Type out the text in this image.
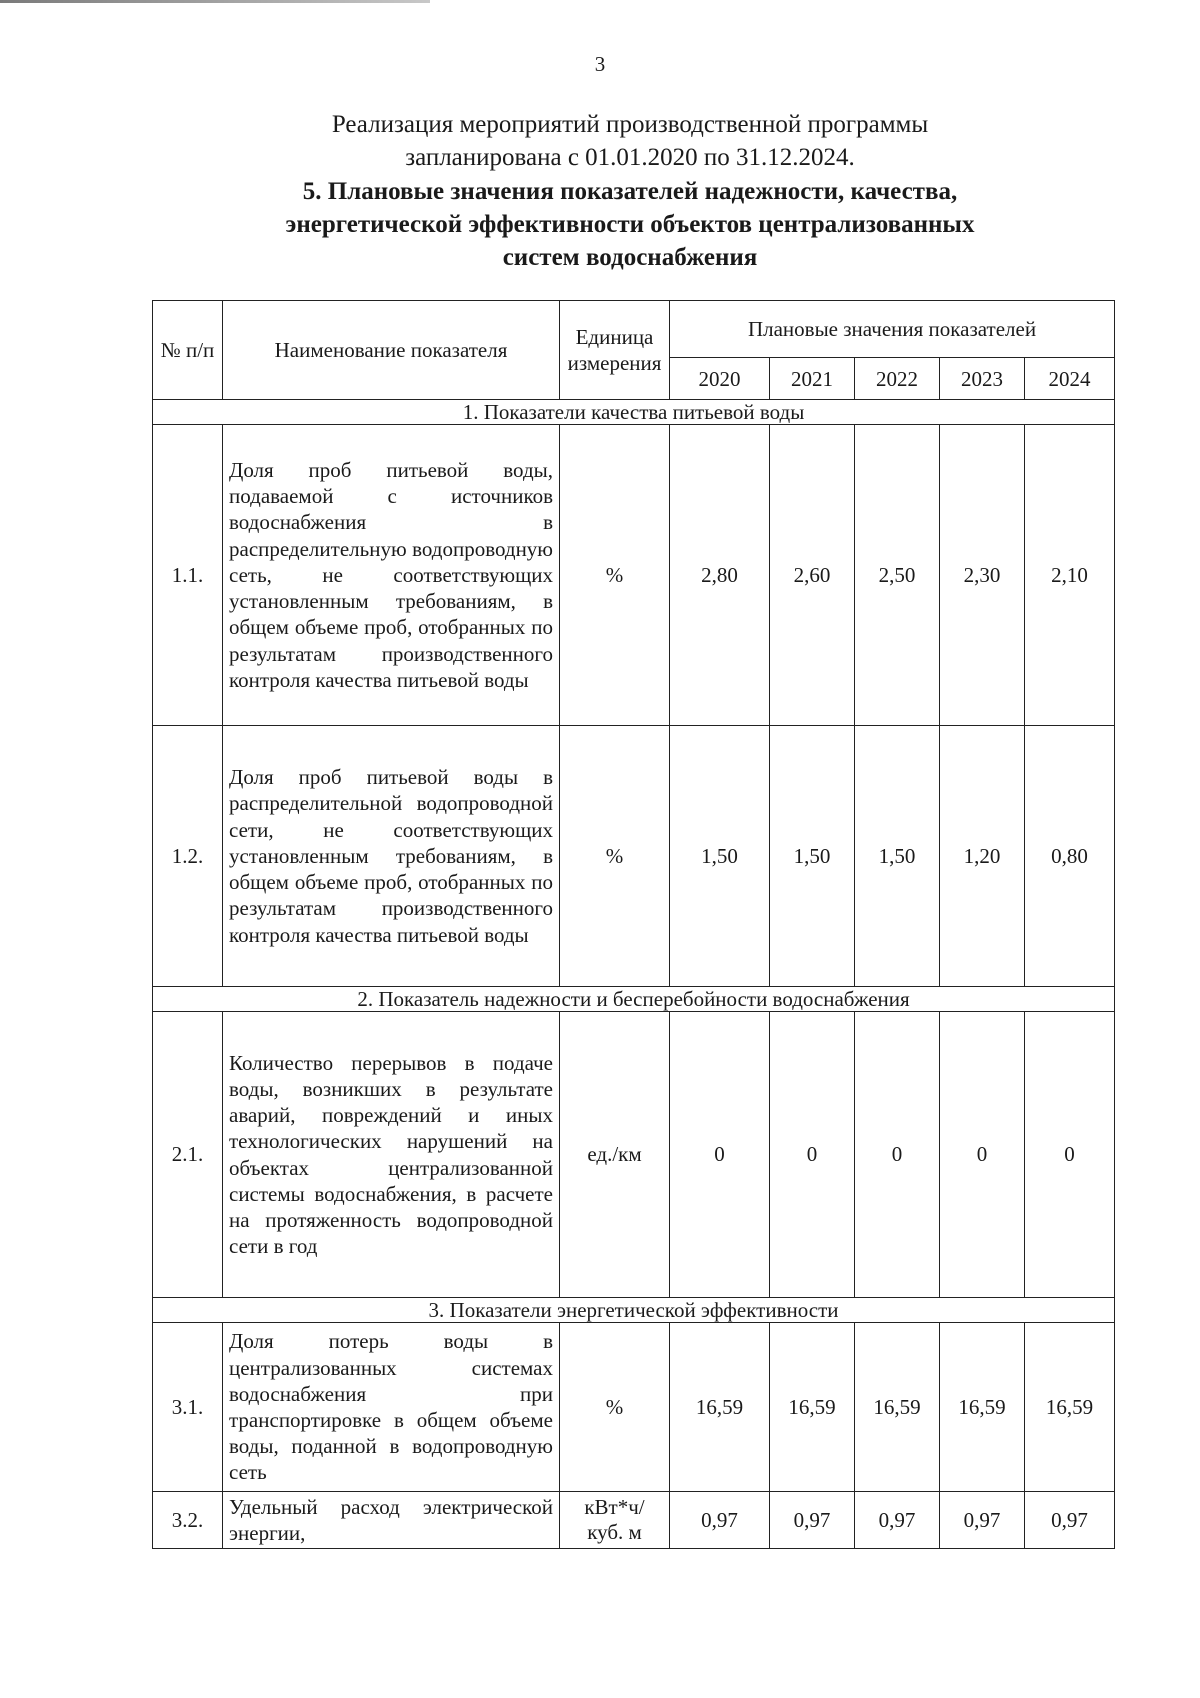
3
Реализация мероприятий производственной программы
запланирована с 01.01.2020 по 31.12.2024.
5. Плановые значения показателей надежности, качества,
энергетической эффективности объектов централизованных
систем водоснабжения
№ п/п	Наименование показателя	Единица измерения	Плановые значения показателей				
			2020	2021	2022	2023	2024
1. Показатели качества питьевой воды							
1.1.	Доля проб питьевой воды, подаваемой с источников водоснабжения в распределительную водопроводную сеть, не соответствующих установленным требованиям, в общем объеме проб, отобранных по результатам производственного контроля качества питьевой воды	%	2,80	2,60	2,50	2,30	2,10
1.2.	Доля проб питьевой воды в распределительной водопроводной сети, не соответствующих установленным требованиям, в общем объеме проб, отобранных по результатам производственного контроля качества питьевой воды	%	1,50	1,50	1,50	1,20	0,80
2. Показатель надежности и бесперебойности водоснабжения							
2.1.	Количество перерывов в подаче воды, возникших в результате аварий, повреждений и иных технологических нарушений на объектах централизованной системы водоснабжения, в расчете на протяженность водопроводной сети в год	ед./км	0	0	0	0	0
3. Показатели энергетической эффективности							
3.1.	Доля потерь воды в централизованных системах водоснабжения при транспортировке в общем объеме воды, поданной в водопроводную сеть	%	16,59	16,59	16,59	16,59	16,59
3.2.	Удельный расход электрической энергии,	кВт*ч/ куб. м	0,97	0,97	0,97	0,97	0,97
